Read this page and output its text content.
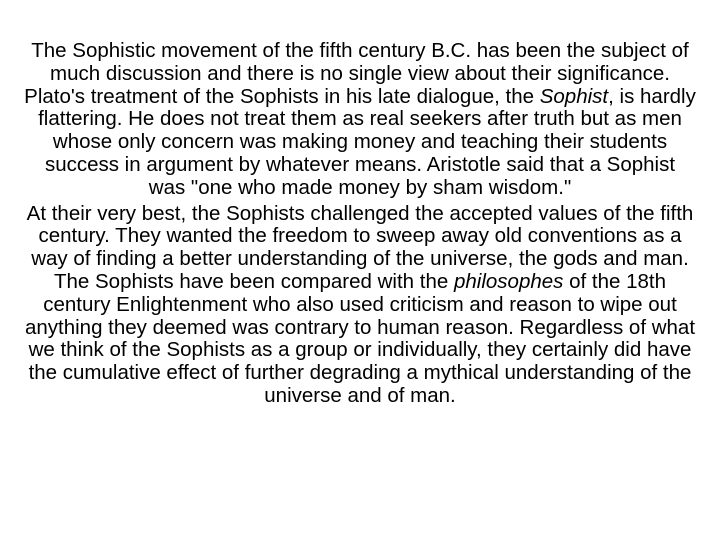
The Sophistic movement of the fifth century B.C. has been the subject of much discussion and there is no single view about their significance. Plato's treatment of the Sophists in his late dialogue, the Sophist, is hardly flattering. He does not treat them as real seekers after truth but as men whose only concern was making money and teaching their students success in argument by whatever means. Aristotle said that a Sophist was "one who made money by sham wisdom."

At their very best, the Sophists challenged the accepted values of the fifth century. They wanted the freedom to sweep away old conventions as a way of finding a better understanding of the universe, the gods and man. The Sophists have been compared with the philosophes of the 18th century Enlightenment who also used criticism and reason to wipe out anything they deemed was contrary to human reason. Regardless of what we think of the Sophists as a group or individually, they certainly did have the cumulative effect of further degrading a mythical understanding of the universe and of man.
